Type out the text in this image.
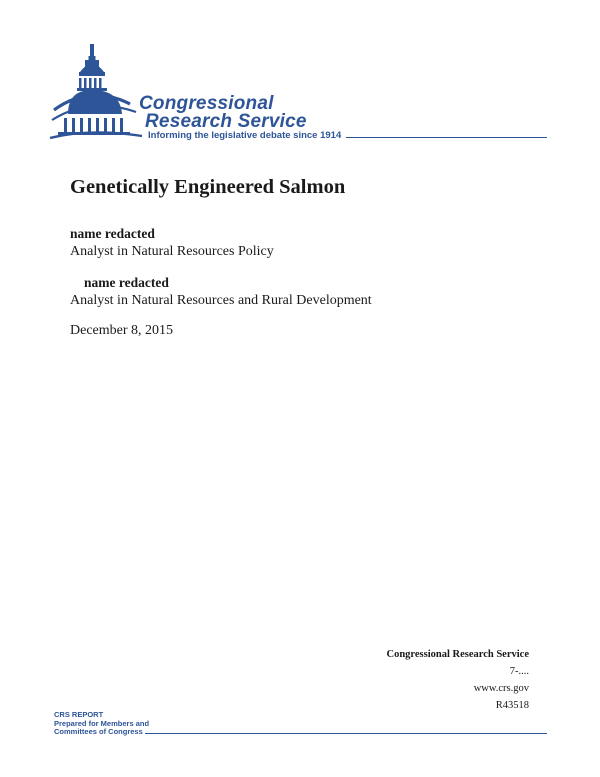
Congressional
Research Service
Informing the legislative debate since 1914
Genetically Engineered Salmon
name redacted
Analyst in Natural Resources Policy
name redacted
Analyst in Natural Resources and Rural Development
December 8, 2015
Congressional Research Service
7-....
www.crs.gov
R43518
CRS REPORT
Prepared for Members and
Committees of Congress
